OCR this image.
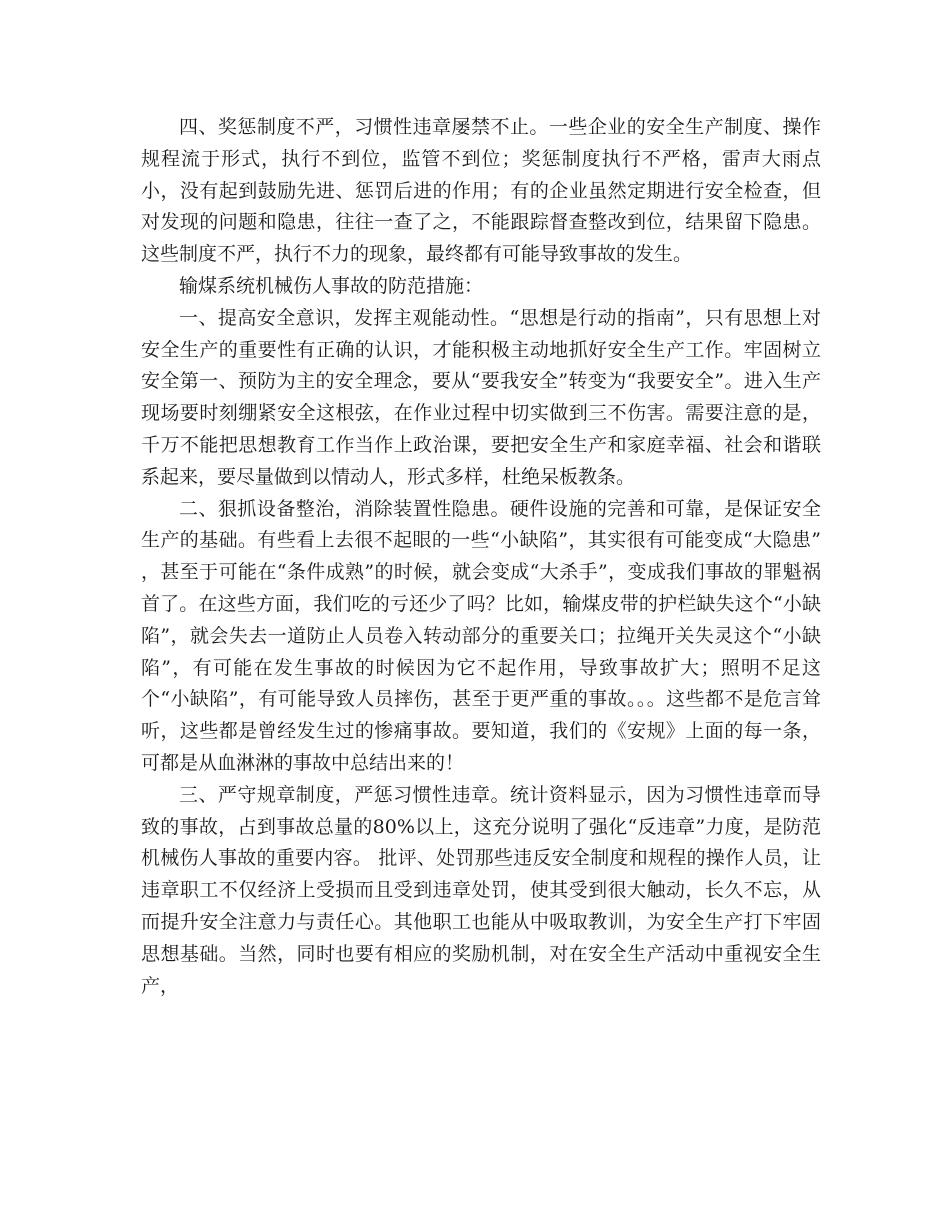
四、奖惩制度不严，习惯性违章屡禁不止。一些企业的安全生产制度、操作规程流于形式，执行不到位，监管不到位；奖惩制度执行不严格，雷声大雨点小，没有起到鼓励先进、惩罚后进的作用；有的企业虽然定期进行安全检查，但对发现的问题和隐患，往往一查了之，不能跟踪督查整改到位，结果留下隐患。这些制度不严，执行不力的现象，最终都有可能导致事故的发生。

输煤系统机械伤人事故的防范措施：

一、提高安全意识，发挥主观能动性。“思想是行动的指南”，只有思想上对安全生产的重要性有正确的认识，才能积极主动地抓好安全生产工作。牢固树立安全第一、预防为主的安全理念，要从“要我安全”转变为“我要安全”。进入生产现场要时刻绷紧安全这根弦，在作业过程中切实做到三不伤害。需要注意的是，千万不能把思想教育工作当作上政治课，要把安全生产和家庭幸福、社会和谐联系起来，要尽量做到以情动人，形式多样，杜绝呆板教条。

二、狠抓设备整治，消除装置性隐患。硬件设施的完善和可靠，是保证安全生产的基础。有些看上去很不起眼的一些“小缺陷”，其实很有可能变成“大隐患” ，甚至于可能在“条件成熟”的时候，就会变成“大杀手”，变成我们事故的罪魁祸首了。在这些方面，我们吃的亏还少了吗？比如，输煤皮带的护栏缺失这个“小缺陷”，就会失去一道防止人员卷入转动部分的重要关口；拉绳开关失灵这个“小缺陷”，有可能在发生事故的时候因为它不起作用，导致事故扩大；照明不足这个“小缺陷”，有可能导致人员摔伤，甚至于更严重的事故。。。这些都不是危言耸听，这些都是曾经发生过的惨痛事故。要知道，我们的《安规》上面的每一条，可都是从血淋淋的事故中总结出来的！

三、严守规章制度，严惩习惯性违章。统计资料显示，因为习惯性违章而导致的事故，占到事故总量的80%以上，这充分说明了强化“反违章”力度，是防范机械伤人事故的重要内容。 批评、处罚那些违反安全制度和规程的操作人员，让违章职工不仅经济上受损而且受到违章处罚，使其受到很大触动，长久不忘，从而提升安全注意力与责任心。其他职工也能从中吸取教训，为安全生产打下牢固思想基础。当然，同时也要有相应的奖励机制，对在安全生产活动中重视安全生产，
